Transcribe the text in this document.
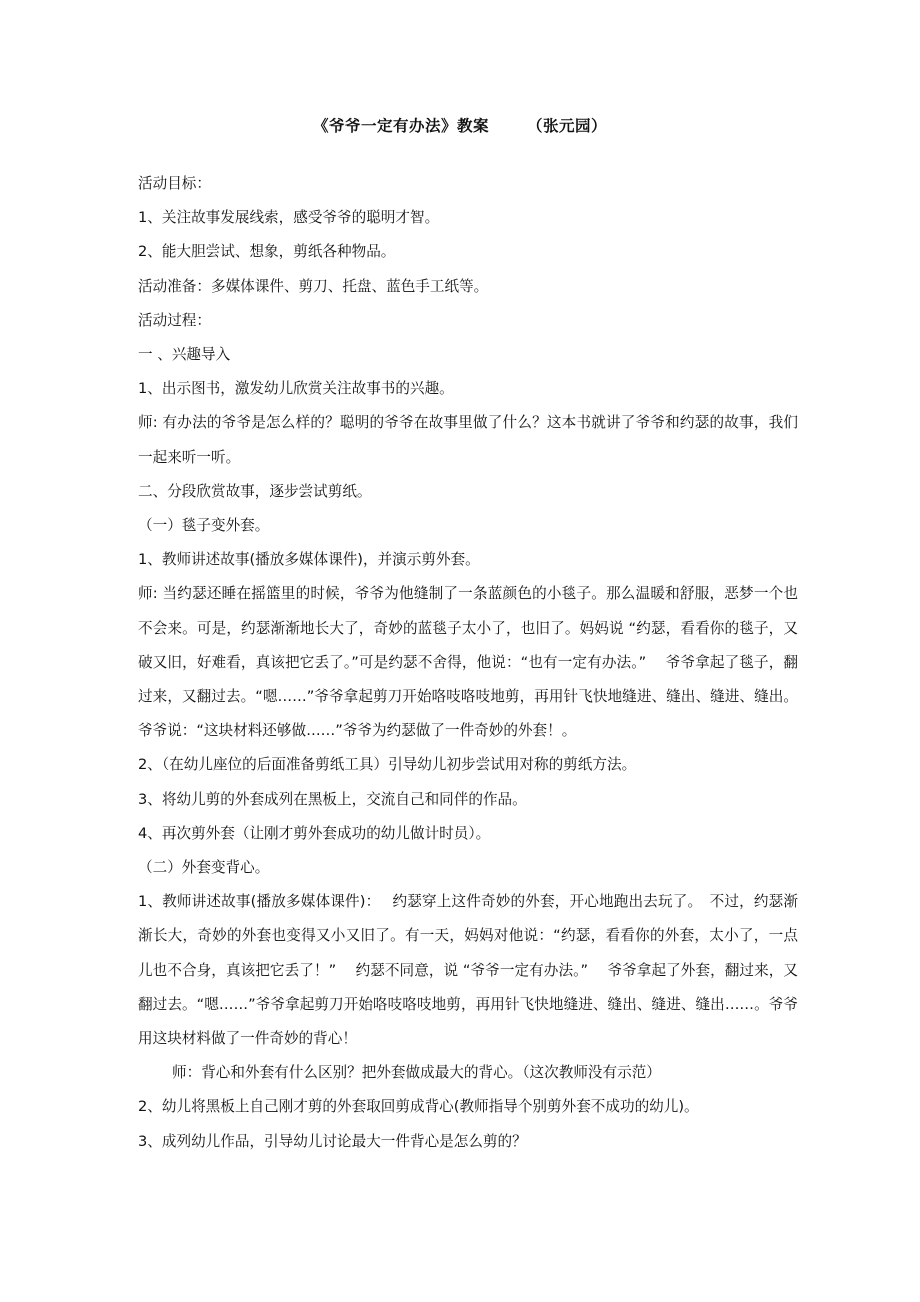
《爷爷一定有办法》教案 （张元园）

活动目标：

1、关注故事发展线索，感受爷爷的聪明才智。

2、能大胆尝试、想象，剪纸各种物品。

活动准备：多媒体课件、剪刀、托盘、蓝色手工纸等。

活动过程：

一 、兴趣导入

1、出示图书，激发幼儿欣赏关注故事书的兴趣。

师: 有办法的爷爷是怎么样的？聪明的爷爷在故事里做了什么？这本书就讲了爷爷和约瑟的故事，我们一起来听一听。

二、分段欣赏故事，逐步尝试剪纸。

（一）毯子变外套。

1、教师讲述故事(播放多媒体课件)，并演示剪外套。

师: 当约瑟还睡在摇篮里的时候，爷爷为他缝制了一条蓝颜色的小毯子。那么温暖和舒服，恶梦一个也不会来。可是，约瑟渐渐地长大了，奇妙的蓝毯子太小了，也旧了。妈妈说 “约瑟，看看你的毯子，又破又旧，好难看，真该把它丢了。”可是约瑟不舍得，他说：“也有一定有办法。”　 爷爷拿起了毯子，翻过来，又翻过去。“嗯……”爷爷拿起剪刀开始咯吱咯吱地剪，再用针飞快地缝进、缝出、缝进、缝出。爷爷说：“这块材料还够做……”爷爷为约瑟做了一件奇妙的外套！。

2、（在幼儿座位的后面准备剪纸工具）引导幼儿初步尝试用对称的剪纸方法。

3、将幼儿剪的外套成列在黑板上，交流自己和同伴的作品。

4、再次剪外套（让刚才剪外套成功的幼儿做计时员）。

（二）外套变背心。

1、教师讲述故事(播放多媒体课件)：　 约瑟穿上这件奇妙的外套，开心地跑出去玩了。　不过，约瑟渐渐长大，奇妙的外套也变得又小又旧了。有一天，妈妈对他说：“约瑟，看看你的外套，太小了，一点儿也不合身，真该把它丢了！”　 约瑟不同意，说 “爷爷一定有办法。”　 爷爷拿起了外套，翻过来，又翻过去。“嗯……”爷爷拿起剪刀开始咯吱咯吱地剪，再用针飞快地缝进、缝出、缝进、缝出……。爷爷用这块材料做了一件奇妙的背心！

师：背心和外套有什么区别？把外套做成最大的背心。（这次教师没有示范）

2、幼儿将黑板上自己刚才剪的外套取回剪成背心(教师指导个别剪外套不成功的幼儿)。

3、成列幼儿作品，引导幼儿讨论最大一件背心是怎么剪的？
